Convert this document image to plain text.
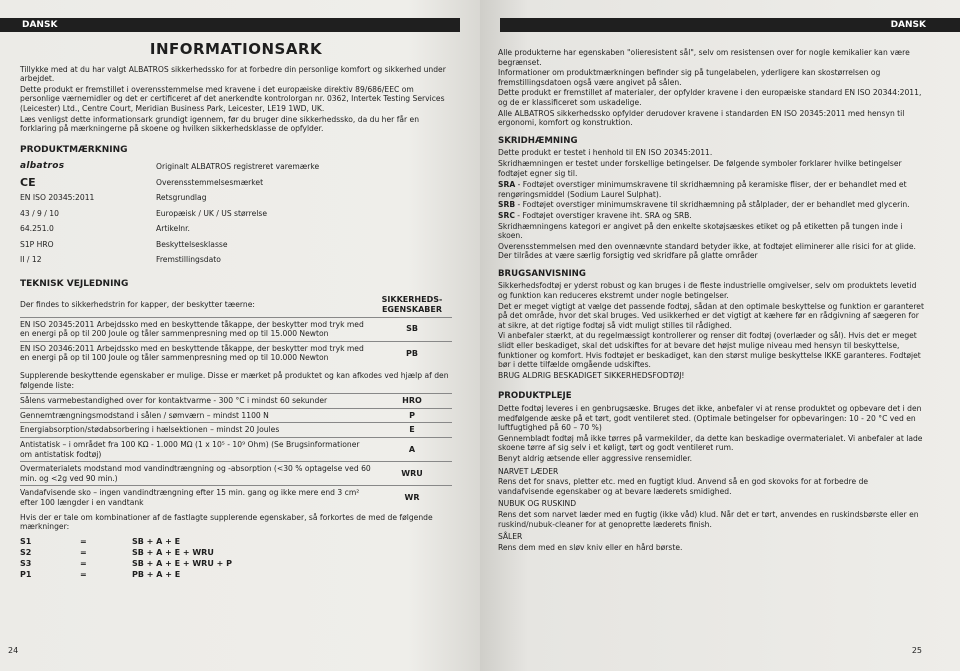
DANSK
INFORMATIONSARK

Tillykke med at du har valgt ALBATROS sikkerhedssko for at forbedre din personlige komfort og sikkerhed under arbejdet.

Dette produkt er fremstillet i overensstemmelse med kravene i det europæiske direktiv 89/686/EEC om personlige værnemidler og det er certificeret af det anerkendte kontrolorgan nr. 0362, Intertek Testing Services (Leicester) Ltd., Centre Court, Meridian Business Park, Leicester, LE19 1WD, UK.

Læs venligst dette informationsark grundigt igennem, før du bruger dine sikkerhedssko, da du her får en forklaring på mærkningerne på skoene og hvilken sikkerhedsklasse de opfylder.

PRODUKTMÆRKNING
albatros	Originalt ALBATROS registreret varemærke
CE	Overensstemmelsesmærket
EN ISO 20345:2011	Retsgrundlag
43 / 9 / 10	Europæisk / UK / US størrelse
64.251.0	Artikelnr.
S1P HRO	Beskyttelsesklasse
II / 12	Fremstillingsdato
TEKNISK VEJLEDNING
Der findes to sikkerhedstrin for kapper, der beskytter tæerne:	SIKKERHEDS-EGENSKABER
EN ISO 20345:2011 Arbejdssko med en beskyttende tåkappe, der beskytter mod tryk med en energi på op til 200 Joule og tåler sammenpresning med op til 15.000 Newton	SB
EN ISO 20346:2011 Arbejdssko med en beskyttende tåkappe, der beskytter mod tryk med en energi på op til 100 Joule og tåler sammenpresning med op til 10.000 Newton	PB

Supplerende beskyttende egenskaber er mulige. Disse er mærket på produktet og kan afkodes ved hjælp af den følgende liste:

Sålens varmebestandighed over for kontaktvarme - 300 °C i mindst 60 sekunder	HRO
Gennemtrængningsmodstand i sålen / sømværn – mindst 1100 N	P
Energiabsorption/stødabsorbering i hælsektionen – mindst 20 Joules	E
Antistatisk – i området fra 100 KΩ - 1.000 MΩ (1 x 10⁵ - 10⁹ Ohm) (Se Brugsinformationer om antistatisk fodtøj)	A
Overmaterialets modstand mod vandindtrængning og -absorption (<30 % optagelse ved 60 min. og <2g ved 90 min.)	WRU
Vandafvisende sko – ingen vandindtrængning efter 15 min. gang og ikke mere end 3 cm² efter 100 længder i en vandtank	WR

Hvis der er tale om kombinationer af de fastlagte supplerende egenskaber, så forkortes de med de følgende mærkninger:

S1	=	SB + A + E
S2	=	SB + A + E + WRU
S3	=	SB + A + E + WRU + P
P1	=	PB + A + E
24
DANSK

Alle produkterne har egenskaben "olieresistent sål", selv om resistensen over for nogle kemikalier kan være begrænset.

Informationer om produktmærkningen befinder sig på tungelabelen, yderligere kan skostørrelsen og fremstillingsdatoen også være angivet på sålen.

Dette produkt er fremstillet af materialer, der opfylder kravene i den europæiske standard EN ISO 20344:2011, og de er klassificeret som uskadelige.

Alle ALBATROS sikkerhedssko opfylder derudover kravene i standarden EN ISO 20345:2011 med hensyn til ergonomi, komfort og konstruktion.

SKRIDHÆMNING

Dette produkt er testet i henhold til EN ISO 20345:2011.

Skridhæmningen er testet under forskellige betingelser. De følgende symboler forklarer hvilke betingelser fodtøjet egner sig til.

SRA - Fodtøjet overstiger minimumskravene til skridhæmning på keramiske fliser, der er behandlet med et rengøringsmiddel (Sodium Laurel Sulphat).

SRB - Fodtøjet overstiger minimumskravene til skridhæmning på stålplader, der er behandlet med glycerin.

SRC - Fodtøjet overstiger kravene iht. SRA og SRB.

Skridhæmningens kategori er angivet på den enkelte skotøjsæskes etiket og på etiketten på tungen inde i skoen.

Overensstemmelsen med den ovennævnte standard betyder ikke, at fodtøjet eliminerer alle risici for at glide. Der tilrådes at være særlig forsigtig ved skridfare på glatte områder

BRUGSANVISNING

Sikkerhedsfodtøj er yderst robust og kan bruges i de fleste industrielle omgivelser, selv om produktets levetid og funktion kan reduceres ekstremt under nogle betingelser.

Det er meget vigtigt at vælge det passende fodtøj, sådan at den optimale beskyttelse og funktion er garanteret på det område, hvor det skal bruges. Ved usikkerhed er det vigtigt at kæhere før en rådgivning af sægeren for at sikre, at det rigtige fodtøj så vidt muligt stilles til rådighed.

Vi anbefaler stærkt, at du regelmæssigt kontrollerer og renser dit fodtøj (overlæder og sål). Hvis det er meget slidt eller beskadiget, skal det udskiftes for at bevare det højst mulige niveau med hensyn til beskyttelse, funktioner og komfort. Hvis fodtøjet er beskadiget, kan den størst mulige beskyttelse IKKE garanteres. Fodtøjet bør i dette tilfælde omgående udskiftes.

BRUG ALDRIG BESKADIGET SIKKERHEDSFODTØJ!

PRODUKTPLEJE

Dette fodtøj leveres i en genbrugsæske. Bruges det ikke, anbefaler vi at rense produktet og opbevare det i den medfølgende æske på et tørt, godt ventileret sted. (Optimale betingelser for opbevaringen: 10 - 20 °C ved en luftfugtighed på 60 – 70 %)

Gennembladt fodtøj må ikke tørres på varmekilder, da dette kan beskadige overmaterialet. Vi anbefaler at lade skoene tørre af sig selv i et køligt, tørt og godt ventileret rum.

Benyt aldrig ætsende eller aggressive rensemidler.

NARVET LÆDER

Rens det for snavs, pletter etc. med en fugtigt klud. Anvend så en god skovoks for at forbedre de vandafvisende egenskaber og at bevare læderets smidighed.

NUBUK OG RUSKIND

Rens det som narvet læder med en fugtig (ikke våd) klud. Når det er tørt, anvendes en ruskindsbørste eller en ruskind/nubuk-cleaner for at genoprette læderets finish.

SÅLER

Rens dem med en sløv kniv eller en hård børste.

25
